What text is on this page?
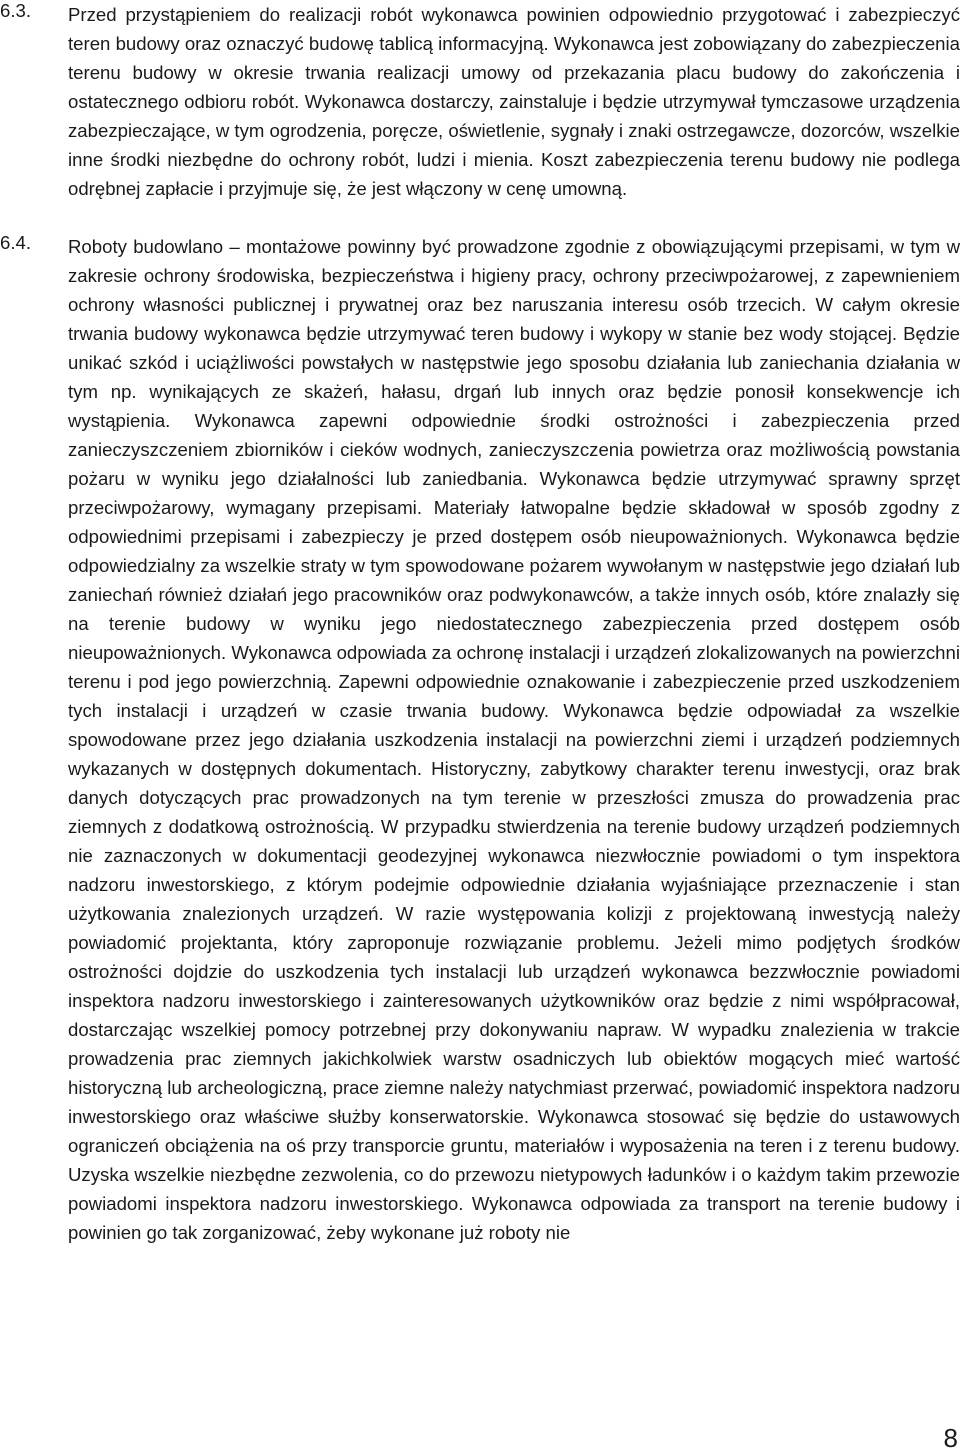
6.3. Przed przystąpieniem do realizacji robót wykonawca powinien odpowiednio przygotować i zabezpieczyć teren budowy oraz oznaczyć budowę tablicą informacyjną. Wykonawca jest zobowiązany do zabezpieczenia terenu budowy w okresie trwania realizacji umowy od przekazania placu budowy do zakończenia i ostatecznego odbioru robót. Wykonawca dostarczy, zainstaluje i będzie utrzymywał tymczasowe urządzenia zabezpieczające, w tym ogrodzenia, poręcze, oświetlenie, sygnały i znaki ostrzegawcze, dozorców, wszelkie inne środki niezbędne do ochrony robót, ludzi i mienia. Koszt zabezpieczenia terenu budowy nie podlega odrębnej zapłacie i przyjmuje się, że jest włączony w cenę umowną.
6.4. Roboty budowlano – montażowe powinny być prowadzone zgodnie z obowiązującymi przepisami, w tym w zakresie ochrony środowiska, bezpieczeństwa i higieny pracy, ochrony przeciwpożarowej, z zapewnieniem ochrony własności publicznej i prywatnej oraz bez naruszania interesu osób trzecich. W całym okresie trwania budowy wykonawca będzie utrzymywać teren budowy i wykopy w stanie bez wody stojącej. Będzie unikać szkód i uciążliwości powstałych w następstwie jego sposobu działania lub zaniechania działania w tym np. wynikających ze skażeń, hałasu, drgań lub innych oraz będzie ponosił konsekwencje ich wystąpienia. Wykonawca zapewni odpowiednie środki ostrożności i zabezpieczenia przed zanieczyszczeniem zbiorników i cieków wodnych, zanieczyszczenia powietrza oraz możliwością powstania pożaru w wyniku jego działalności lub zaniedbania. Wykonawca będzie utrzymywać sprawny sprzęt przeciwpożarowy, wymagany przepisami. Materiały łatwopalne będzie składował w sposób zgodny z odpowiednimi przepisami i zabezpieczy je przed dostępem osób nieupoważnionych. Wykonawca będzie odpowiedzialny za wszelkie straty w tym spowodowane pożarem wywołanym w następstwie jego działań lub zaniechań również działań jego pracowników oraz podwykonawców, a także innych osób, które znalazły się na terenie budowy w wyniku jego niedostatecznego zabezpieczenia przed dostępem osób nieupoważnionych. Wykonawca odpowiada za ochronę instalacji i urządzeń zlokalizowanych na powierzchni terenu i pod jego powierzchnią. Zapewni odpowiednie oznakowanie i zabezpieczenie przed uszkodzeniem tych instalacji i urządzeń w czasie trwania budowy. Wykonawca będzie odpowiadał za wszelkie spowodowane przez jego działania uszkodzenia instalacji na powierzchni ziemi i urządzeń podziemnych wykazanych w dostępnych dokumentach. Historyczny, zabytkowy charakter terenu inwestycji, oraz brak danych dotyczących prac prowadzonych na tym terenie w przeszłości zmusza do prowadzenia prac ziemnych z dodatkową ostrożnością. W przypadku stwierdzenia na terenie budowy urządzeń podziemnych nie zaznaczonych w dokumentacji geodezyjnej wykonawca niezwłocznie powiadomi o tym inspektora nadzoru inwestorskiego, z którym podejmie odpowiednie działania wyjaśniające przeznaczenie i stan użytkowania znalezionych urządzeń. W razie występowania kolizji z projektowaną inwestycją należy powiadomić projektanta, który zaproponuje rozwiązanie problemu. Jeżeli mimo podjętych środków ostrożności dojdzie do uszkodzenia tych instalacji lub urządzeń wykonawca bezzwłocznie powiadomi inspektora nadzoru inwestorskiego i zainteresowanych użytkowników oraz będzie z nimi współpracował, dostarczając wszelkiej pomocy potrzebnej przy dokonywaniu napraw. W wypadku znalezienia w trakcie prowadzenia prac ziemnych jakichkolwiek warstw osadniczych lub obiektów mogących mieć wartość historyczną lub archeologiczną, prace ziemne należy natychmiast przerwać, powiadomić inspektora nadzoru inwestorskiego oraz właściwe służby konserwatorskie. Wykonawca stosować się będzie do ustawowych ograniczeń obciążenia na oś przy transporcie gruntu, materiałów i wyposażenia na teren i z terenu budowy. Uzyska wszelkie niezbędne zezwolenia, co do przewozu nietypowych ładunków i o każdym takim przewozie powiadomi inspektora nadzoru inwestorskiego. Wykonawca odpowiada za transport na terenie budowy i powinien go tak zorganizować, żeby wykonane już roboty nie
8
